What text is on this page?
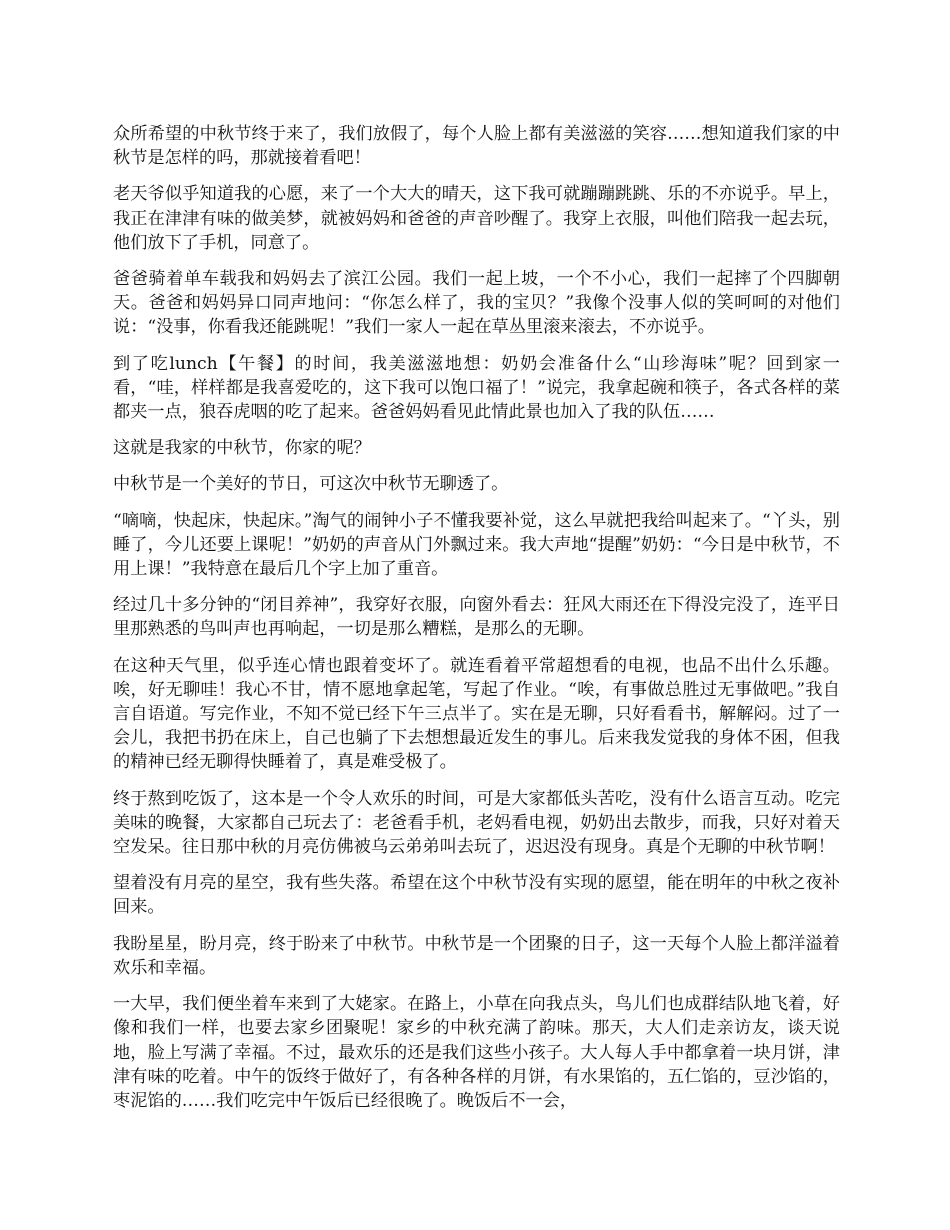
众所希望的中秋节终于来了，我们放假了，每个人脸上都有美滋滋的笑容……想知道我们家的中秋节是怎样的吗，那就接着看吧！

老天爷似乎知道我的心愿，来了一个大大的晴天，这下我可就蹦蹦跳跳、乐的不亦说乎。早上，我正在津津有味的做美梦，就被妈妈和爸爸的声音吵醒了。我穿上衣服，叫他们陪我一起去玩，他们放下了手机，同意了。

爸爸骑着单车载我和妈妈去了滨江公园。我们一起上坡，一个不小心，我们一起摔了个四脚朝天。爸爸和妈妈异口同声地问：“你怎么样了，我的宝贝？”我像个没事人似的笑呵呵的对他们说：“没事，你看我还能跳呢！”我们一家人一起在草丛里滚来滚去，不亦说乎。

到了吃lunch【午餐】的时间，我美滋滋地想：奶奶会准备什么“山珍海味”呢？回到家一看，“哇，样样都是我喜爱吃的，这下我可以饱口福了！”说完，我拿起碗和筷子，各式各样的菜都夹一点，狼吞虎咽的吃了起来。爸爸妈妈看见此情此景也加入了我的队伍……

这就是我家的中秋节，你家的呢？

中秋节是一个美好的节日，可这次中秋节无聊透了。

“嘀嘀，快起床，快起床。”淘气的闹钟小子不懂我要补觉，这么早就把我给叫起来了。“丫头，别睡了，今儿还要上课呢！”奶奶的声音从门外飘过来。我大声地“提醒”奶奶：“今日是中秋节，不用上课！”我特意在最后几个字上加了重音。

经过几十多分钟的“闭目养神”，我穿好衣服，向窗外看去：狂风大雨还在下得没完没了，连平日里那熟悉的鸟叫声也再响起，一切是那么糟糕，是那么的无聊。

在这种天气里，似乎连心情也跟着变坏了。就连看着平常超想看的电视，也品不出什么乐趣。唉，好无聊哇！我心不甘，情不愿地拿起笔，写起了作业。“唉，有事做总胜过无事做吧。”我自言自语道。写完作业，不知不觉已经下午三点半了。实在是无聊，只好看看书，解解闷。过了一会儿，我把书扔在床上，自己也躺了下去想想最近发生的事儿。后来我发觉我的身体不困，但我的精神已经无聊得快睡着了，真是难受极了。

终于熬到吃饭了，这本是一个令人欢乐的时间，可是大家都低头苦吃，没有什么语言互动。吃完美味的晚餐，大家都自己玩去了：老爸看手机，老妈看电视，奶奶出去散步，而我，只好对着天空发呆。往日那中秋的月亮仿佛被乌云弟弟叫去玩了，迟迟没有现身。真是个无聊的中秋节啊！

望着没有月亮的星空，我有些失落。希望在这个中秋节没有实现的愿望，能在明年的中秋之夜补回来。

我盼星星，盼月亮，终于盼来了中秋节。中秋节是一个团聚的日子，这一天每个人脸上都洋溢着欢乐和幸福。

一大早，我们便坐着车来到了大姥家。在路上，小草在向我点头，鸟儿们也成群结队地飞着，好像和我们一样，也要去家乡团聚呢！家乡的中秋充满了韵味。那天，大人们走亲访友，谈天说地，脸上写满了幸福。不过，最欢乐的还是我们这些小孩子。大人每人手中都拿着一块月饼，津津有味的吃着。中午的饭终于做好了，有各种各样的月饼，有水果馅的，五仁馅的，豆沙馅的，枣泥馅的……我们吃完中午饭后已经很晚了。晚饭后不一会，
